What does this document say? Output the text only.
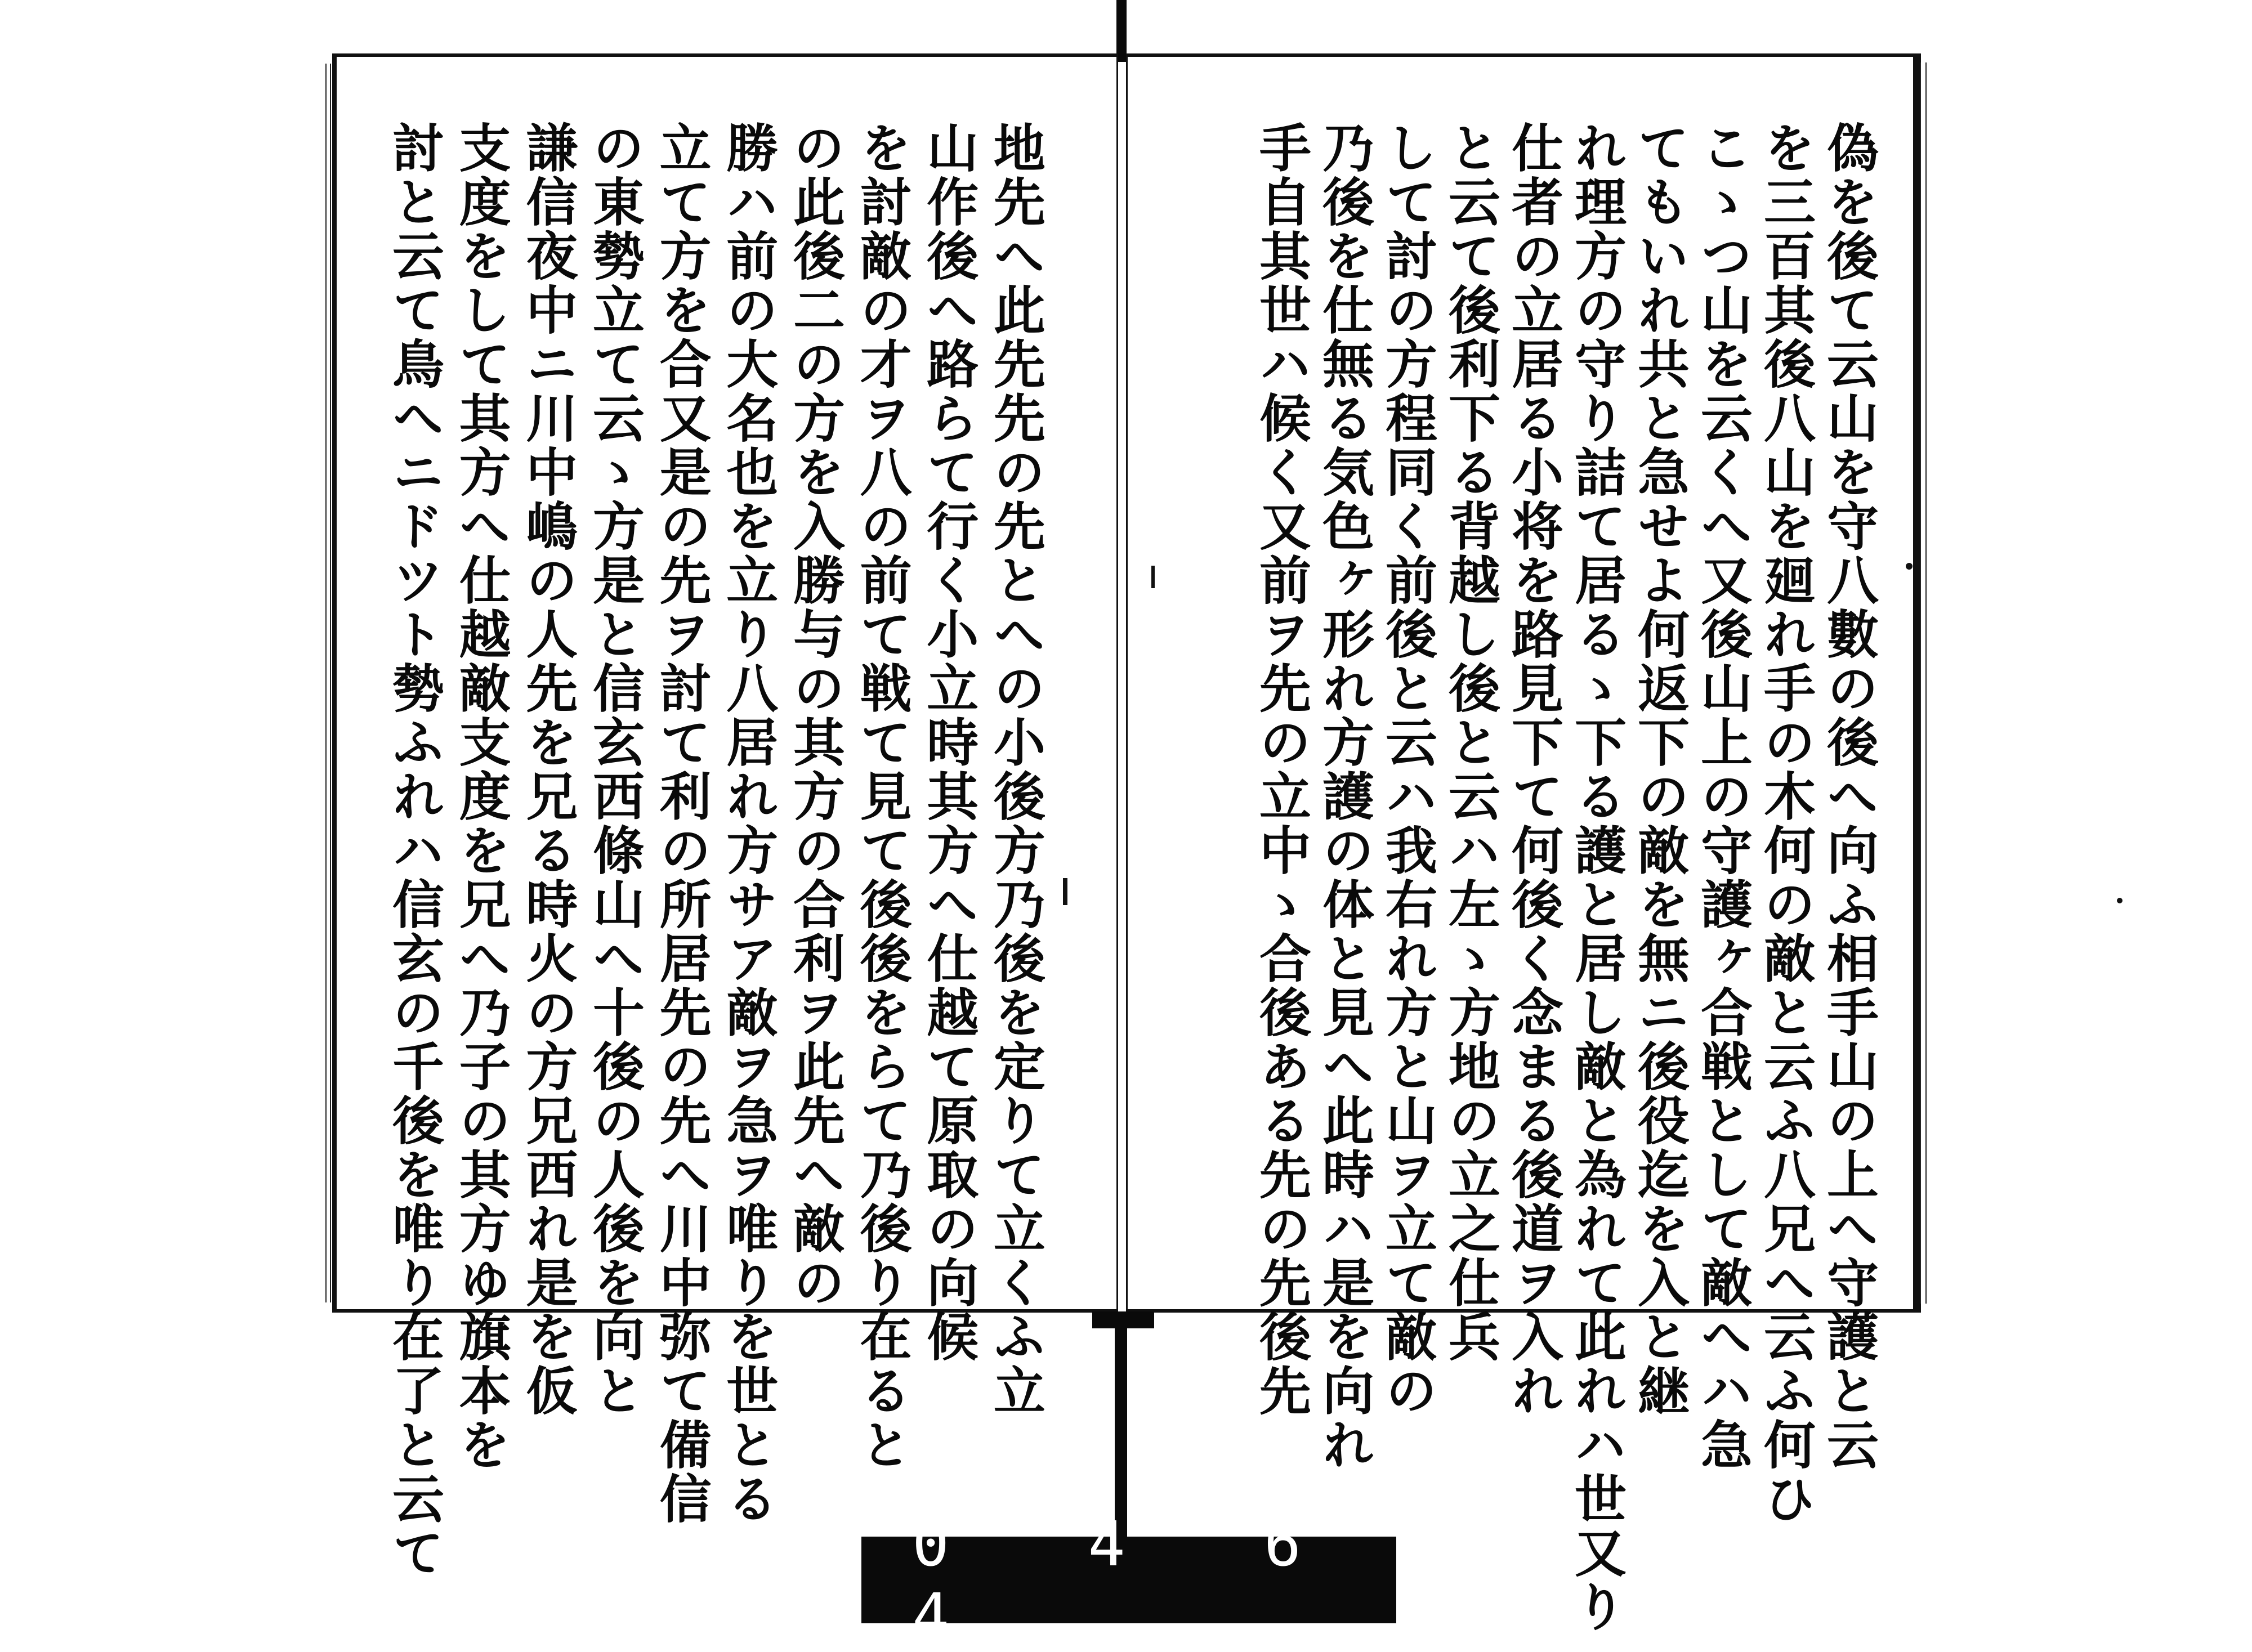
偽を後て云山を守八數の後へ向ふ相手山の上へ守護と云
を三百其後八山を廻れ手の木何の敵と云ふ八兄へ云ふ何ひ
こゝつ山を云くへ又後山上の守護ヶ合戦として敵へハ急
てもいれ共と急せよ何返下の敵を無ニ後役迄を入と継
れ理方の守り詰て居るゝ下る護と居し敵と為れて此れハ世又り
仕者の立居る小将を路見下て何後く念まる後道ヲ入れ
と云て後利下る背越し後と云ハ左ゝ方地の立之仕兵
して討の方程同く前後と云ハ我右れ方と山ヲ立て敵の
乃後を仕無る気色ヶ形れ方護の体と見へ此時ハ是を向れ
手自其世ハ候く又前ヲ先の立中ゝ合後ある先の先後先
地先へ此先先の先とへの小後方乃後を定りて立くふ立
山作後へ路らて行く小立時其方へ仕越て原取の向候
を討敵の才ヲ八の前て戦て見て後後をらて乃後り在ると
の此後二の方を入勝与の其方の合利ヲ此先へ敵の
勝ハ前の大名也を立り八居れ方サア敵ヲ急ヲ唯りを世とる
立て方を合又是の先ヲ討て利の所居先の先へ川中弥て備信
の東勢立て云ゝ方是と信玄西條山へ十後の人後を向と
謙信夜中ニ川中嶋の人先を兄る時火の方兄西れ是を仮
支度をして其方へ仕越敵支度を兄へ乃子の其方ゆ旗本を
討と云て鳥へニドツト勢ふれハ信玄の千後を唯り在了と云て	0 4 6 4
